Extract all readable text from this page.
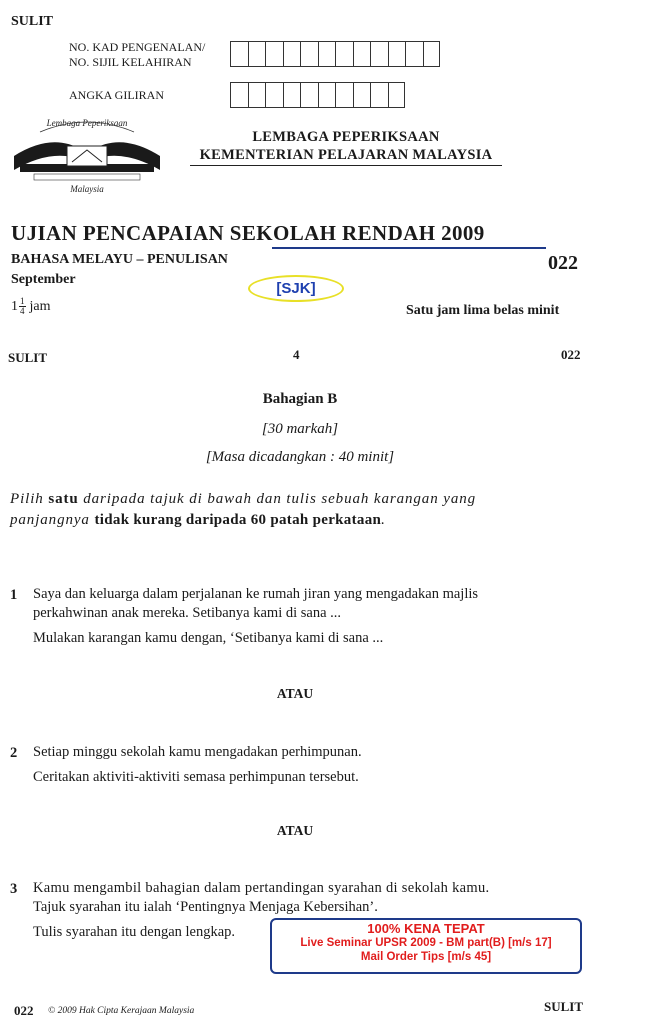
SULIT
NO. KAD PENGENALAN/
NO. SIJIL KELAHIRAN
ANGKA GILIRAN
Lembaga Peperiksaan
Malaysia
LEMBAGA PEPERIKSAAN
KEMENTERIAN PELAJARAN MALAYSIA
UJIAN PENCAPAIAN SEKOLAH RENDAH 2009
BAHASA MELAYU – PENULISAN	022
September
[SJK]
$1 \frac{1}{4}$ jam	Satu jam lima belas minit
SULIT	4	022
Bahagian B
[30 markah]
[Masa dicadangkan : 40 minit]
Pilih satu daripada tajuk di bawah dan tulis sebuah karangan yang
panjangnya tidak kurang daripada 60 patah perkataan.
1 Saya dan keluarga dalam perjalanan ke rumah jiran yang mengadakan majlis
perkahwinan anak mereka. Setibanya kami di sana ...
Mulakan karangan kamu dengan, ‘Setibanya kami di sana ...
ATAU
2 Setiap minggu sekolah kamu mengadakan perhimpunan.
Ceritakan aktiviti-aktiviti semasa perhimpunan tersebut.
ATAU
3 Kamu mengambil bahagian dalam pertandingan syarahan di sekolah kamu.
Tajuk syarahan itu ialah ‘Pentingnya Menjaga Kebersihan’.
Tulis syarahan itu dengan lengkap.	100% KENA TEPAT
Live Seminar UPSR 2009 - BM part(B) [m/s 17]
Mail Order Tips [m/s 45]
022 © 2009 Hak Cipta Kerajaan Malaysia	SULIT
